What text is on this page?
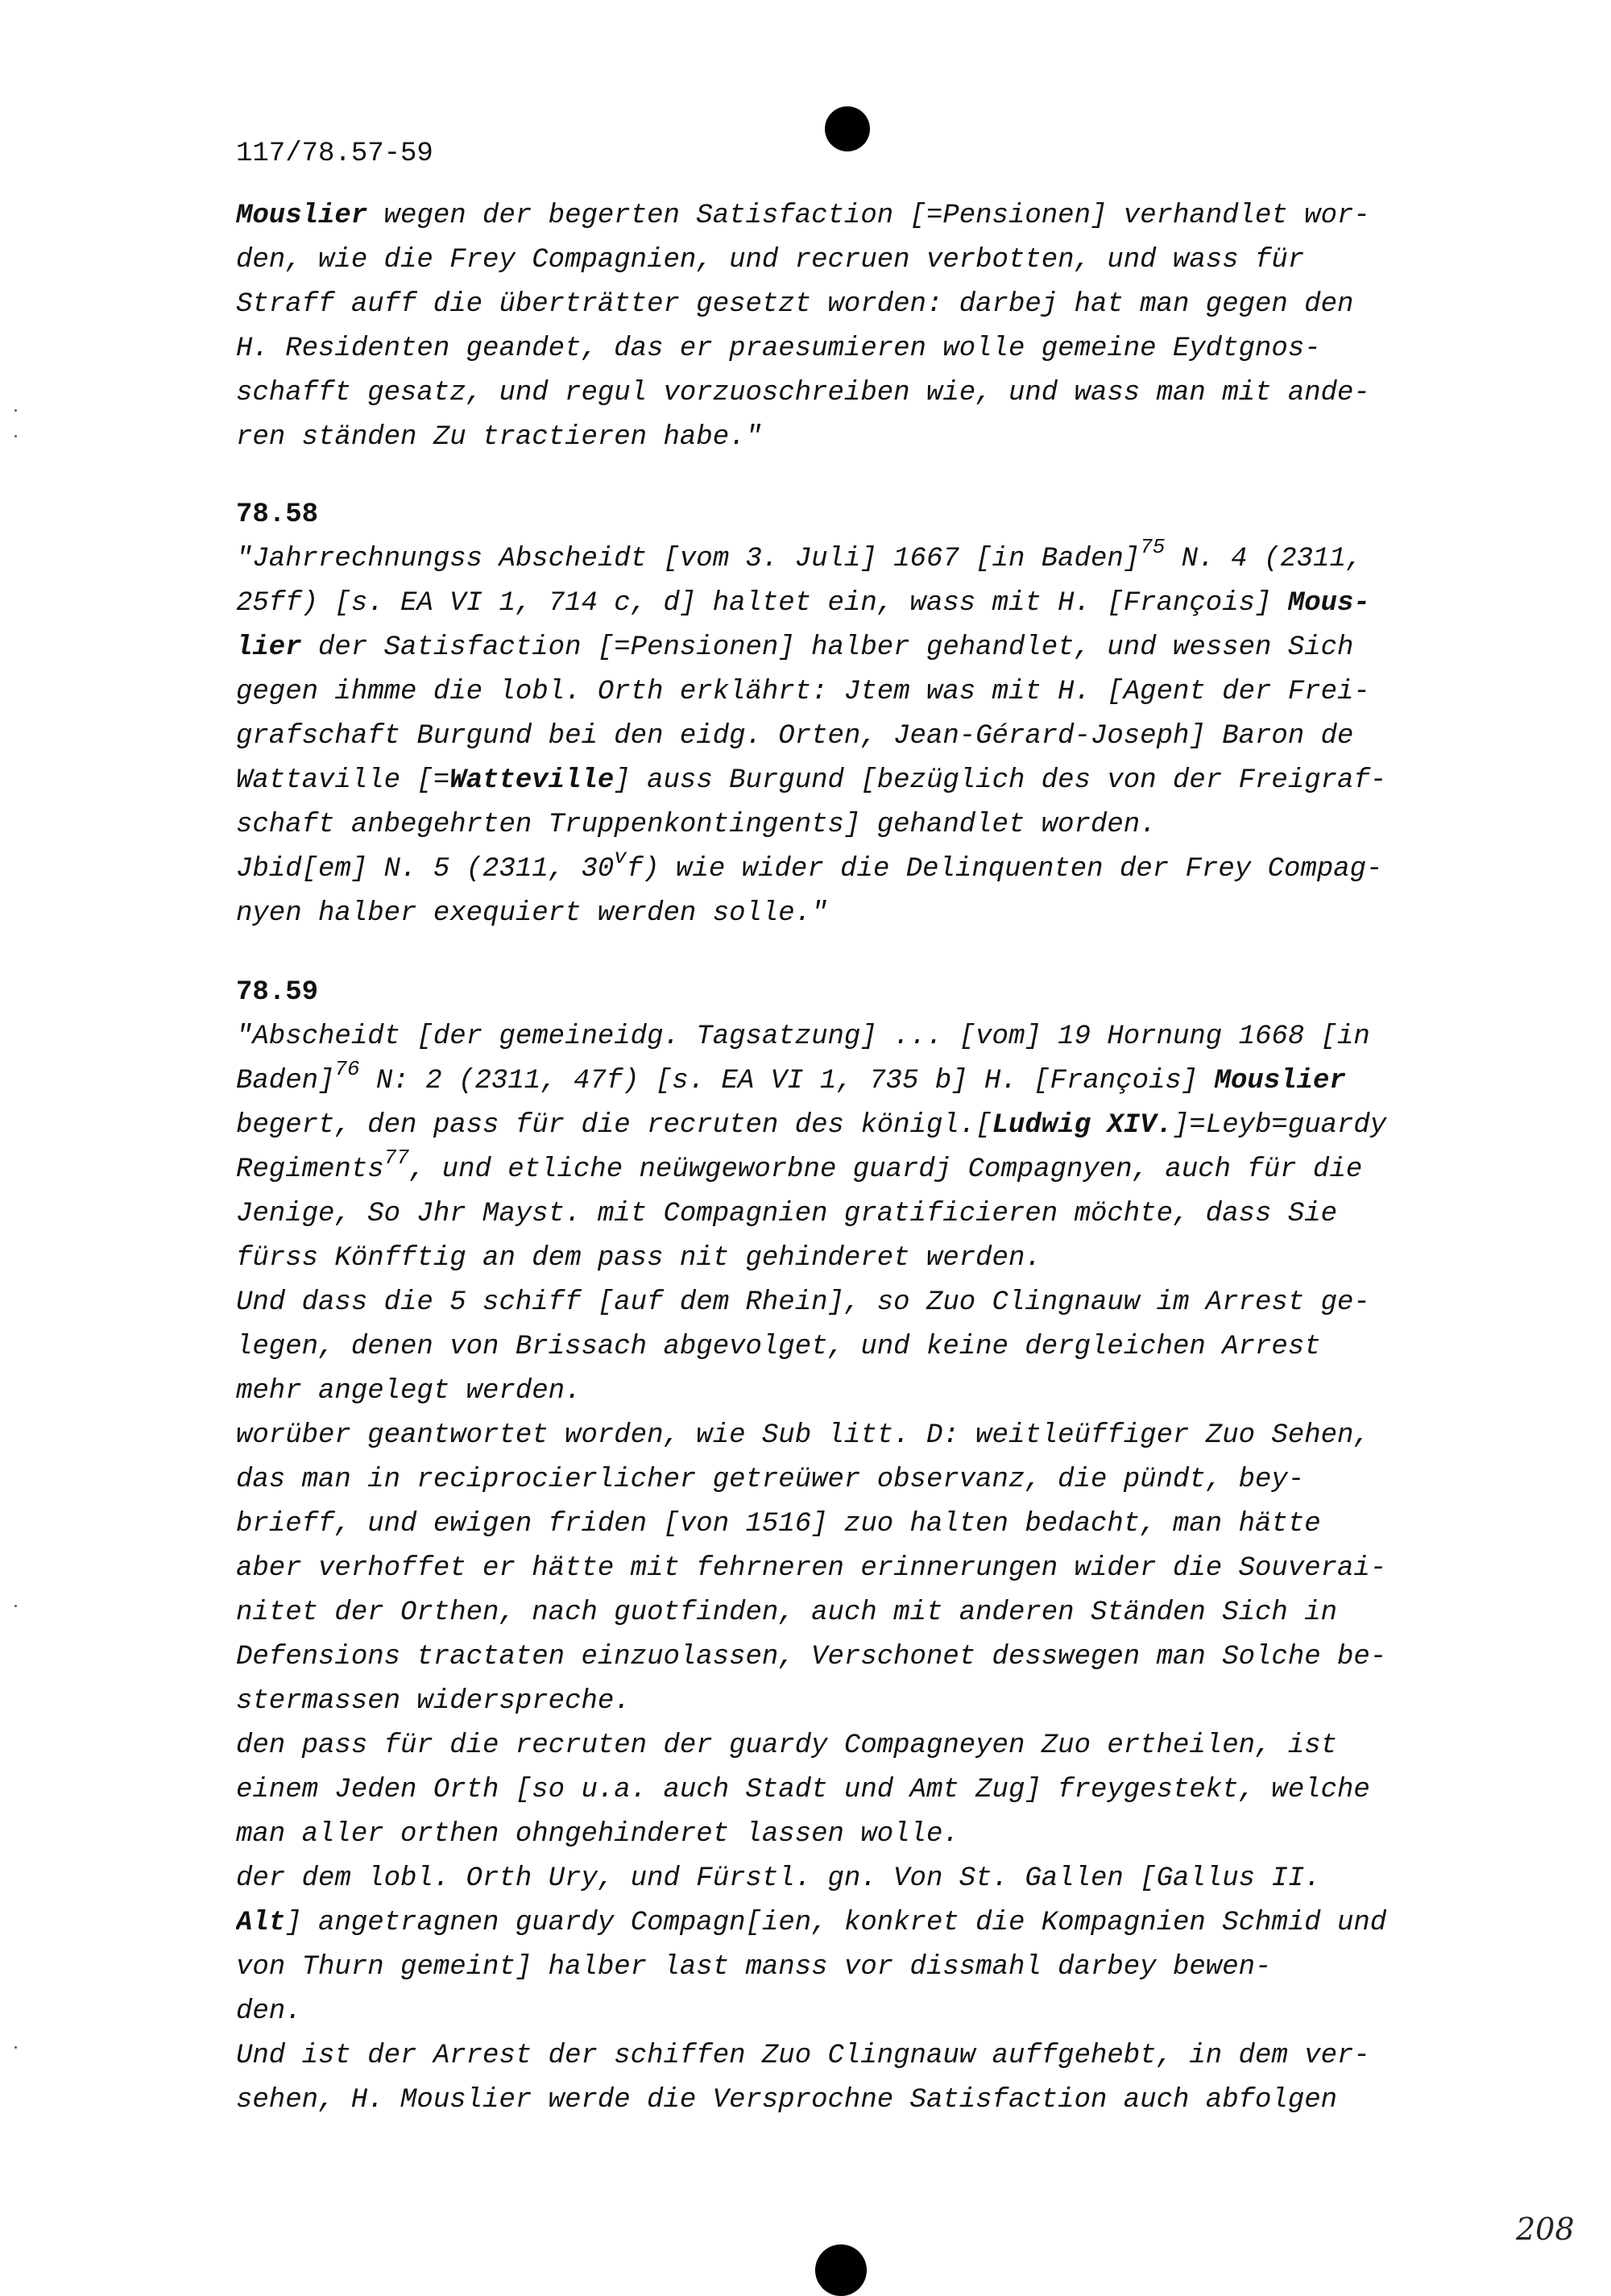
117/78.57-59
Mouslier wegen der begerten Satisfaction [=Pensionen] verhandlet wor-
den, wie die Frey Compagnien, und recruen verbotten, und wass für
Straff auff die überträtter gesetzt worden: darbej hat man gegen den
H. Residenten geandet, das er praesumieren wolle gemeine Eydtgnos-
schafft gesatz, und regul vorzuoschreiben wie, und wass man mit ande-
ren ständen Zu tractieren habe."
78.58
"Jahrrechnungss Abscheidt [vom 3. Juli] 1667 [in Baden]$^{75}$ N. 4 (2311,
25ff) [s. EA VI 1, 714 c, d] haltet ein, wass mit H. [François] Mous-
lier der Satisfaction [=Pensionen] halber gehandlet, und wessen Sich
gegen ihmme die lobl. Orth erklährt: Jtem was mit H. [Agent der Frei-
grafschaft Burgund bei den eidg. Orten, Jean-Gérard-Joseph] Baron de
Wattaville [=Watteville] auss Burgund [bezüglich des von der Freigraf-
schaft anbegehrten Truppenkontingents] gehandlet worden.
Jbid[em] N. 5 (2311, 30$^v$f) wie wider die Delinquenten der Frey Compag-
nyen halber exequiert werden solle."
78.59
"Abscheidt [der gemeineidg. Tagsatzung] ... [vom] 19 Hornung 1668 [in
Baden]$^{76}$ N: 2 (2311, 47f) [s. EA VI 1, 735 b] H. [François] Mouslier
begert, den pass für die recruten des königl.[Ludwig XIV.]=Leyb=guardy
Regiments$^{77}$, und etliche neüwgeworbne guardj Compagnyen, auch für die
Jenige, So Jhr Mayst. mit Compagnien gratificieren möchte, dass Sie
fürss Könfftig an dem pass nit gehinderet werden.
Und dass die 5 schiff [auf dem Rhein], so Zuo Clingnauw im Arrest ge-
legen, denen von Brissach abgevolget, und keine dergleichen Arrest
mehr angelegt werden.
worüber geantwortet worden, wie Sub litt. D: weitleüffiger Zuo Sehen,
das man in reciprocierlicher getreüwer observanz, die pündt, bey-
brieff, und ewigen friden [von 1516] zuo halten bedacht, man hätte
aber verhoffet er hätte mit fehrneren erinnerungen wider die Souverai-
nitet der Orthen, nach guotfinden, auch mit anderen Ständen Sich in
Defensions tractaten einzuolassen, Verschonet desswegen man Solche be-
stermassen widerspreche.
den pass für die recruten der guardy Compagneyen Zuo ertheilen, ist
einem Jeden Orth [so u.a. auch Stadt und Amt Zug] freygestekt, welche
man aller orthen ohngehinderet lassen wolle.
der dem lobl. Orth Ury, und Fürstl. gn. Von St. Gallen [Gallus II.
Alt] angetragnen guardy Compagn[ien, konkret die Kompagnien Schmid und
von Thurn gemeint] halber last manss vor dissmahl darbey bewen-
den.
Und ist der Arrest der schiffen Zuo Clingnauw auffgehebt, in dem ver-
sehen, H. Mouslier werde die Versprochne Satisfaction auch abfolgen
208
